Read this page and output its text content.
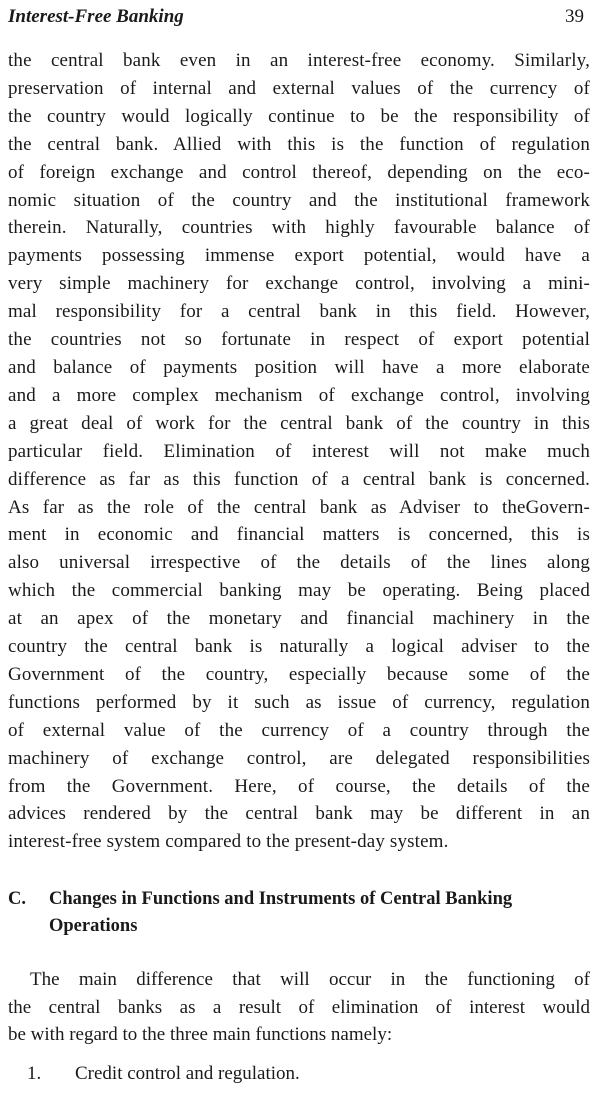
Interest-Free Banking	39

the central bank even in an interest-free economy. Similarly,
preservation of internal and external values of the currency of
the country would logically continue to be the responsibility of
the central bank. Allied with this is the function of regulation
of foreign exchange and control thereof, depending on the eco-
nomic situation of the country and the institutional framework
therein. Naturally, countries with highly favourable balance of
payments possessing immense export potential, would have a
very simple machinery for exchange control, involving a mini-
mal responsibility for a central bank in this field. However,
the countries not so fortunate in respect of export potential
and balance of payments position will have a more elaborate
and a more complex mechanism of exchange control, involving
a great deal of work for the central bank of the country in this
particular field. Elimination of interest will not make much
difference as far as this function of a central bank is concerned.
As far as the role of the central bank as Adviser to theGovern-
ment in economic and financial matters is concerned, this is
also universal irrespective of the details of the lines along
which the commercial banking may be operating. Being placed
at an apex of the monetary and financial machinery in the
country the central bank is naturally a logical adviser to the
Government of the country, especially because some of the
functions performed by it such as issue of currency, regulation
of external value of the currency of a country through the
machinery of exchange control, are delegated responsibilities
from the Government. Here, of course, the details of the
advices rendered by the central bank may be different in an
interest-free system compared to the present-day system.

C. Changes in Functions and Instruments of Central Banking
Operations
The main difference that will occur in the functioning of
the central banks as a result of elimination of interest would
be with regard to the three main functions namely:
1. Credit control and regulation.
